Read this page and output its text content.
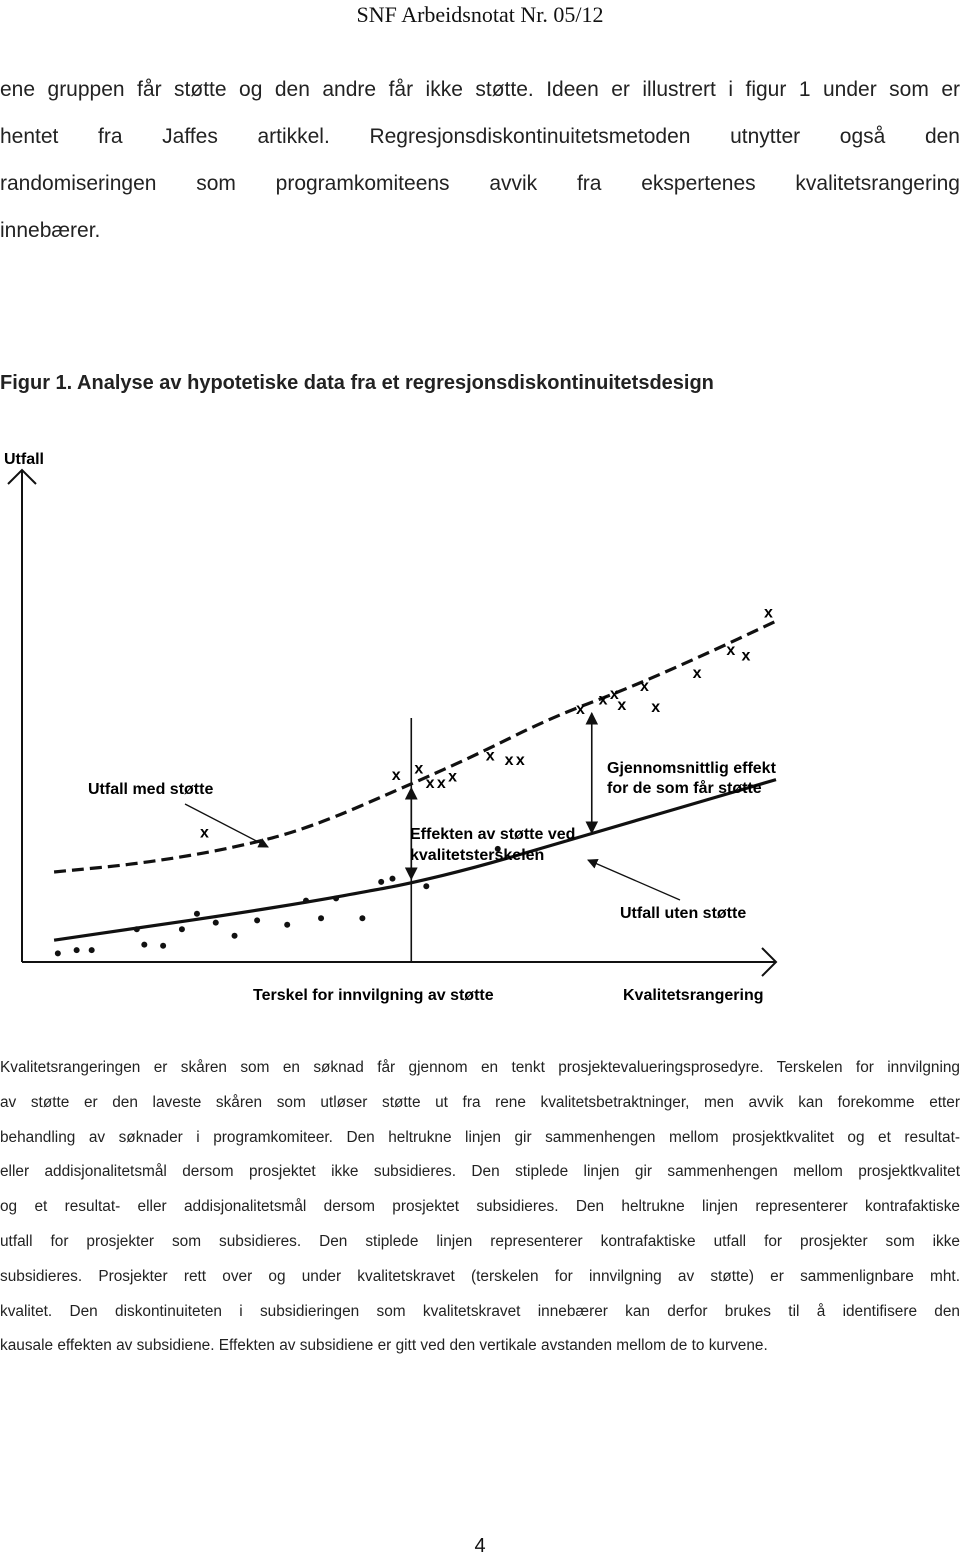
SNF Arbeidsnotat Nr. 05/12
ene gruppen får støtte og den andre får ikke støtte. Ideen er illustrert i figur 1 under som er
hentet fra Jaffes artikkel. Regresjonsdiskontinuitetsmetoden utnytter også den
randomiseringen som programkomiteens avvik fra ekspertenes kvalitetsrangering
innebærer.
Figur 1. Analyse av hypotetiske data fra et regresjonsdiskontinuitetsdesign
x
x x
x x x
x x x
x
x x
x
x
x
x
x x
x
Utfall
Utfall med støtte
Effekten av støtte ved
kvalitetsterskelen
Gjennomsnittlig effekt
for de som får støtte
Utfall uten støtte
Terskel for innvilgning av støtte	Kvalitetsrangering
Kvalitetsrangeringen er skåren som en søknad får gjennom en tenkt prosjektevalueringsprosedyre. Terskelen for innvilgning
av støtte er den laveste skåren som utløser støtte ut fra rene kvalitetsbetraktninger, men avvik kan forekomme etter
behandling av søknader i programkomiteer. Den heltrukne linjen gir sammenhengen mellom prosjektkvalitet og et resultat-
eller addisjonalitetsmål dersom prosjektet ikke subsidieres. Den stiplede linjen gir sammenhengen mellom prosjektkvalitet
og et resultat- eller addisjonalitetsmål dersom prosjektet subsidieres. Den heltrukne linjen representerer kontrafaktiske
utfall for prosjekter som subsidieres. Den stiplede linjen representerer kontrafaktiske utfall for prosjekter som ikke
subsidieres. Prosjekter rett over og under kvalitetskravet (terskelen for innvilgning av støtte) er sammenlignbare mht.
kvalitet. Den diskontinuiteten i subsidieringen som kvalitetskravet innebærer kan derfor brukes til å identifisere den
kausale effekten av subsidiene. Effekten av subsidiene er gitt ved den vertikale avstanden mellom de to kurvene.
4
